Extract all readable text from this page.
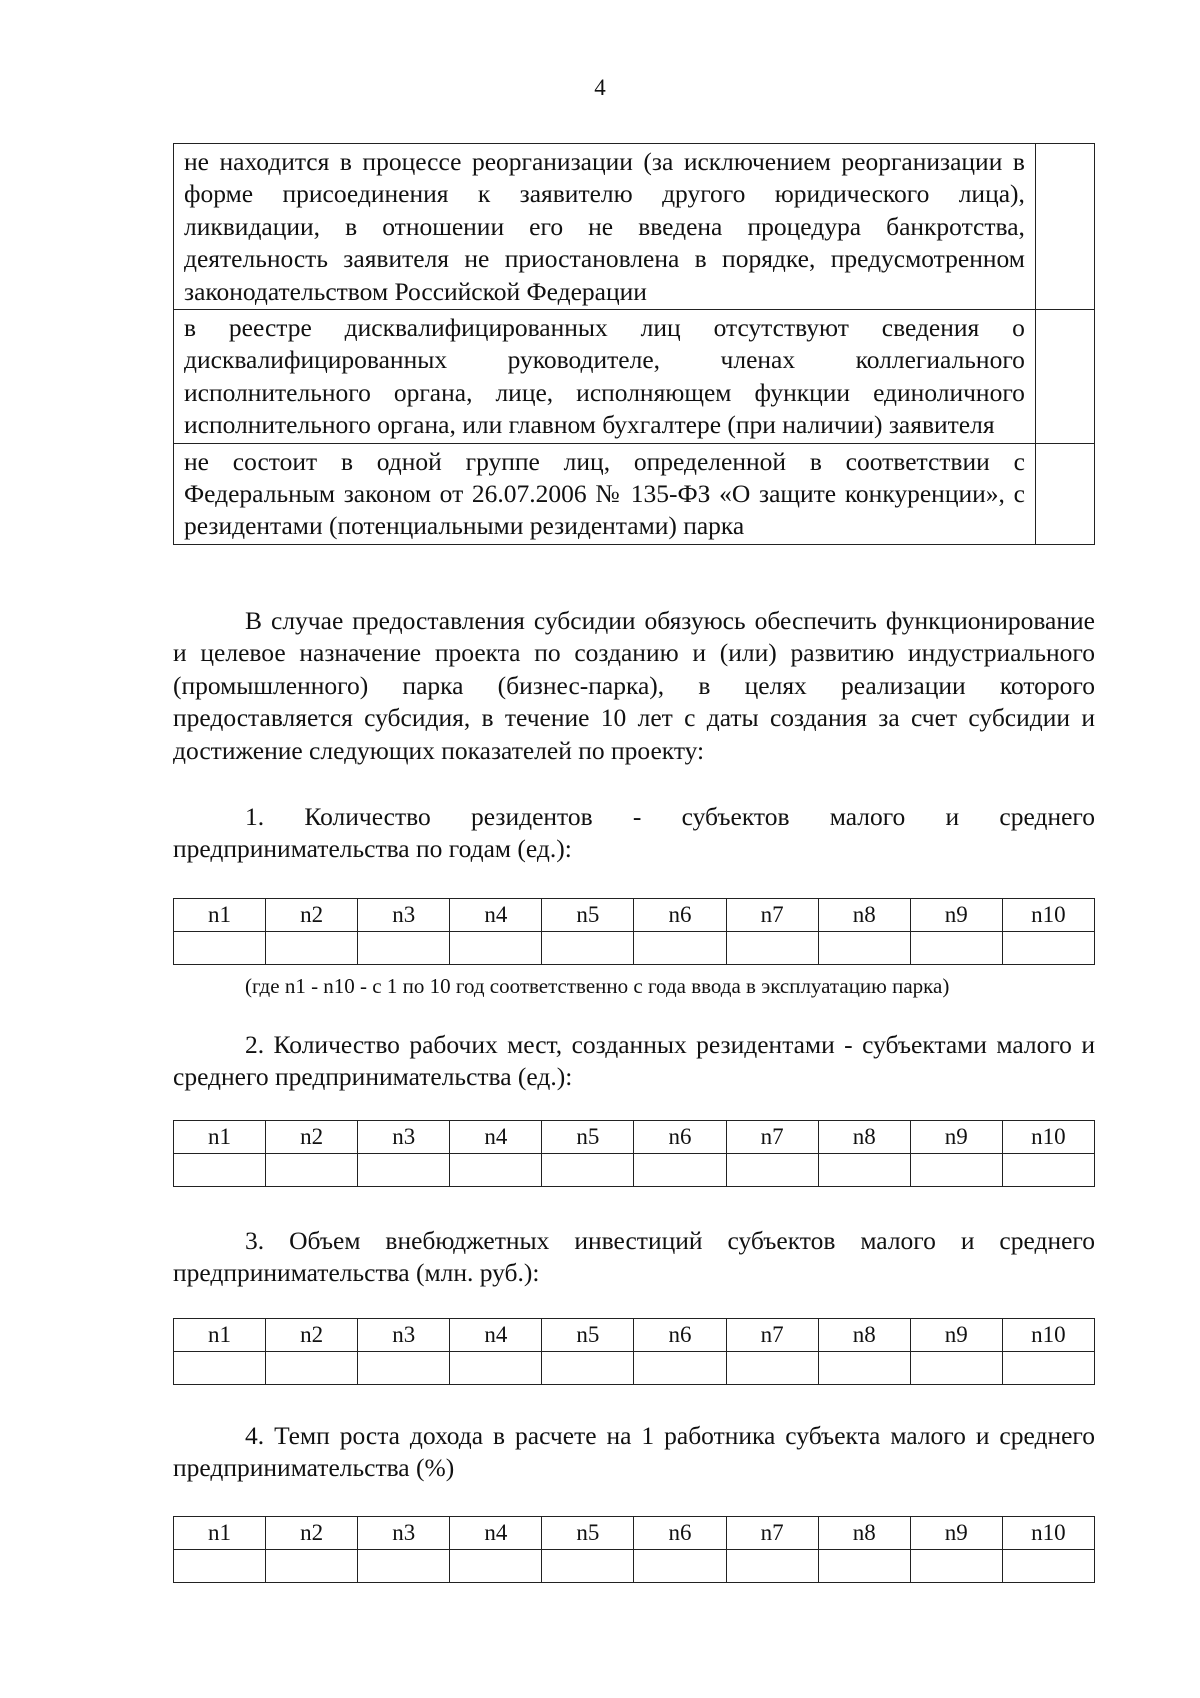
4
не находится в процессе реорганизации (за исключением реорганизации в форме присоединения к заявителю другого юридического лица), ликвидации, в отношении его не введена процедура банкротства, деятельность заявителя не приостановлена в порядке, предусмотренном законодательством Российской Федерации	
в реестре дисквалифицированных лиц отсутствуют сведения о дисквалифицированных руководителе, членах коллегиального исполнительного органа, лице, исполняющем функции единоличного исполнительного органа, или главном бухгалтере (при наличии) заявителя	
не состоит в одной группе лиц, определенной в соответствии с Федеральным законом от 26.07.2006 № 135-ФЗ «О защите конкуренции», с резидентами (потенциальными резидентами) парка	

В случае предоставления субсидии обязуюсь обеспечить функционирование и целевое назначение проекта по созданию и (или) развитию индустриального (промышленного) парка (бизнес-парка), в целях реализации которого предоставляется субсидия, в течение 10 лет с даты создания за счет субсидии и достижение следующих показателей по проекту:

1. Количество резидентов - субъектов малого и среднего предпринимательства по годам (ед.):

n1	n2	n3	n4	n5	n6	n7	n8	n9	n10

(где n1 - n10 - с 1 по 10 год соответственно с года ввода в эксплуатацию парка)

2. Количество рабочих мест, созданных резидентами - субъектами малого и среднего предпринимательства (ед.):

n1	n2	n3	n4	n5	n6	n7	n8	n9	n10

3. Объем внебюджетных инвестиций субъектов малого и среднего предпринимательства (млн. руб.):

n1	n2	n3	n4	n5	n6	n7	n8	n9	n10

4. Темп роста дохода в расчете на 1 работника субъекта малого и среднего предпринимательства (%)

n1	n2	n3	n4	n5	n6	n7	n8	n9	n10
